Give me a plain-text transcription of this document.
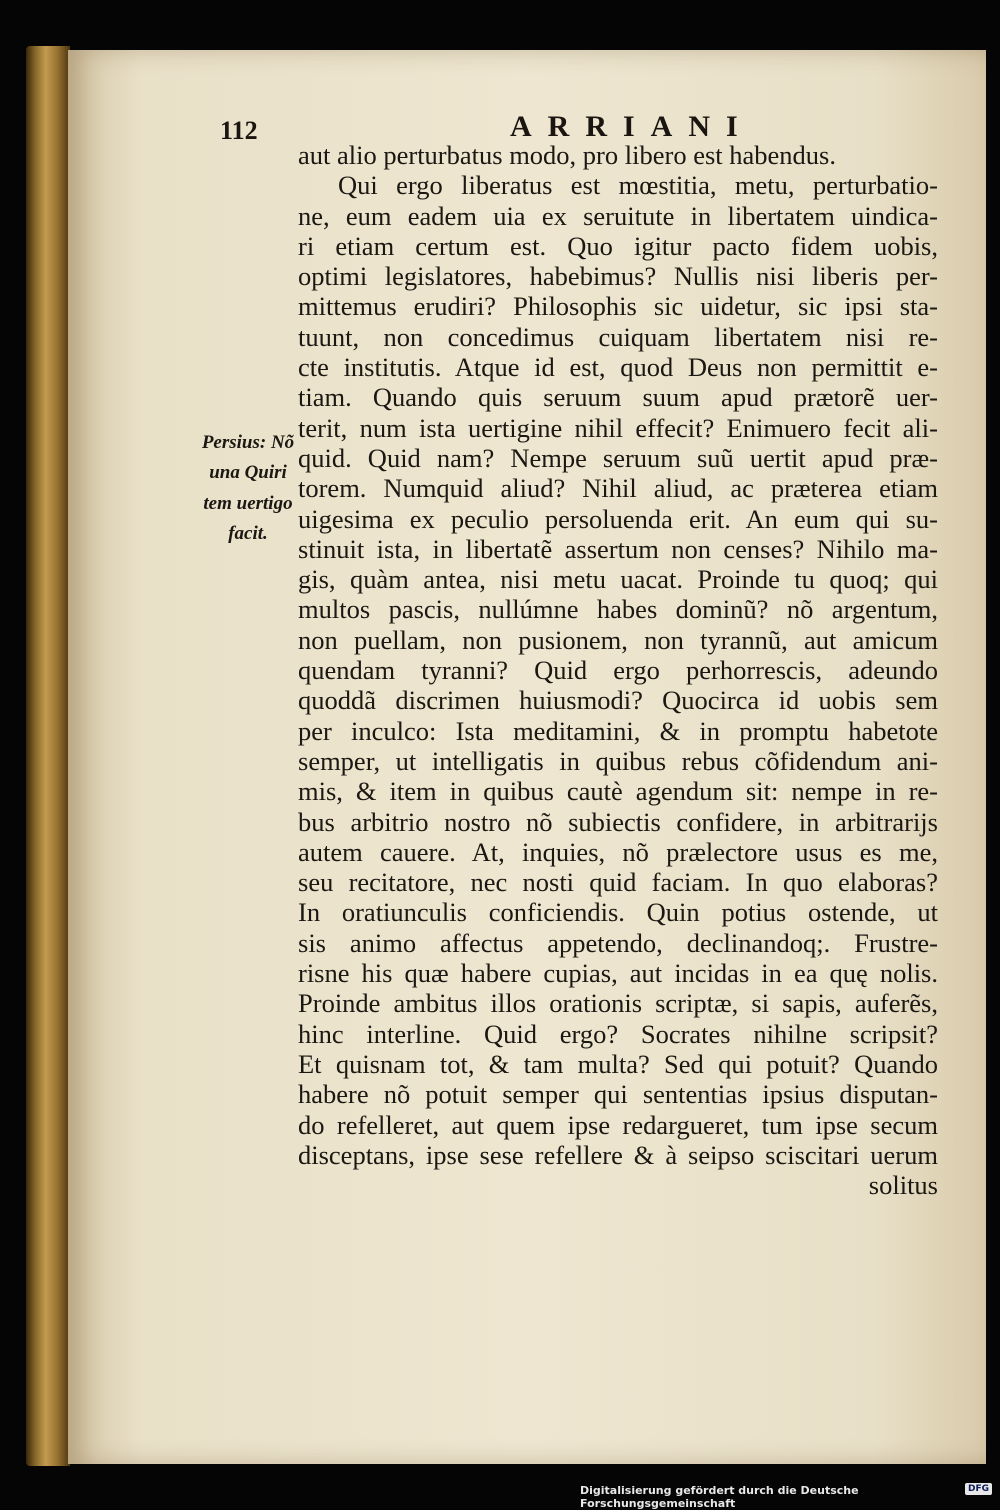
112	ARRIANI
aut alio perturbatus modo, pro libero est habendus.
Qui ergo liberatus est mœstitia, metu, perturbatio-
ne, eum eadem uia ex seruitute in libertatem uindica-
ri etiam certum est. Quo igitur pacto fidem uobis,
optimi legislatores, habebimus? Nullis nisi liberis per-
mittemus erudiri? Philosophis sic uidetur, sic ipsi sta-
tuunt, non concedimus cuiquam libertatem nisi re-
cte institutis. Atque id est, quod Deus non permittit e-
tiam. Quando quis seruum suum apud prætorẽ uer-
terit, num ista uertigine nihil effecit? Enimuero fecit ali-
quid. Quid nam? Nempe seruum suũ uertit apud præ-
torem. Numquid aliud? Nihil aliud, ac præterea etiam
uigesima ex peculio persoluenda erit. An eum qui su-
stinuit ista, in libertatẽ assertum non censes? Nihilo ma-
gis, quàm antea, nisi metu uacat. Proinde tu quoq; qui
multos pascis, nullúmne habes dominũ? nõ argentum,
non puellam, non pusionem, non tyrannũ, aut amicum
quendam tyranni? Quid ergo perhorrescis, adeundo
quoddã discrimen huiusmodi? Quocirca id uobis sem
per inculco: Ista meditamini, & in promptu habetote
semper, ut intelligatis in quibus rebus cõfidendum ani-
mis, & item in quibus cautè agendum sit: nempe in re-
bus arbitrio nostro nõ subiectis confidere, in arbitrarijs
autem cauere. At, inquies, nõ prælectore usus es me,
seu recitatore, nec nosti quid faciam. In quo elaboras?
In oratiunculis conficiendis. Quin potius ostende, ut
sis animo affectus appetendo, declinandoq;. Frustre-
risne his quæ habere cupias, aut incidas in ea quę nolis.
Proinde ambitus illos orationis scriptæ, si sapis, auferẽs,
hinc interline. Quid ergo? Socrates nihilne scripsit?
Et quisnam tot, & tam multa? Sed qui potuit? Quando
habere nõ potuit semper qui sententias ipsius disputan-
do refelleret, aut quem ipse redargueret, tum ipse secum
disceptans, ipse sese refellere & à seipso sciscitari uerum
solitus
Persius: Nõ
una Quiri
tem uertigo
facit.
Digitalisierung gefördert durch die Deutsche Forschungsgemeinschaft
DFG
